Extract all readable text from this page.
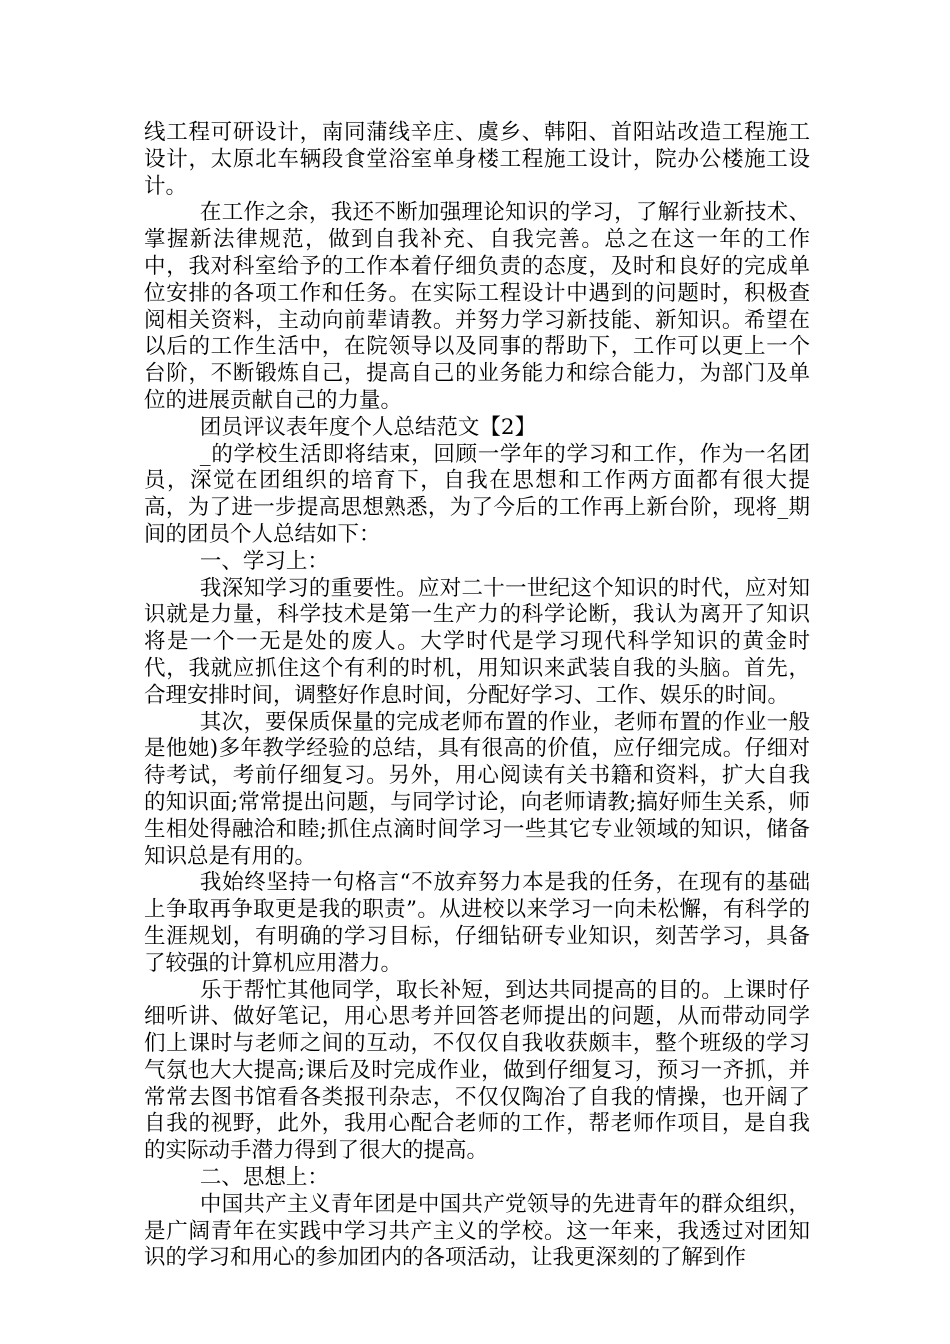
线工程可研设计，南同蒲线辛庄、虞乡、韩阳、首阳站改造工程施工设计，太原北车辆段食堂浴室单身楼工程施工设计，院办公楼施工设计。

在工作之余，我还不断加强理论知识的学习，了解行业新技术、掌握新法律规范，做到自我补充、自我完善。总之在这一年的工作中，我对科室给予的工作本着仔细负责的态度，及时和良好的完成单位安排的各项工作和任务。在实际工程设计中遇到的问题时，积极查阅相关资料，主动向前辈请教。并努力学习新技能、新知识。希望在以后的工作生活中，在院领导以及同事的帮助下，工作可以更上一个台阶，不断锻炼自己，提高自己的业务能力和综合能力，为部门及单位的进展贡献自己的力量。

团员评议表年度个人总结范文【2】

_的学校生活即将结束，回顾一学年的学习和工作，作为一名团员，深觉在团组织的培育下，自我在思想和工作两方面都有很大提高，为了进一步提高思想熟悉，为了今后的工作再上新台阶，现将_期间的团员个人总结如下：

一、学习上：

我深知学习的重要性。应对二十一世纪这个知识的时代，应对知识就是力量，科学技术是第一生产力的科学论断，我认为离开了知识将是一个一无是处的废人。大学时代是学习现代科学知识的黄金时代，我就应抓住这个有利的时机，用知识来武装自我的头脑。首先，合理安排时间，调整好作息时间，分配好学习、工作、娱乐的时间。

其次，要保质保量的完成老师布置的作业，老师布置的作业一般是他她)多年教学经验的总结，具有很高的价值，应仔细完成。仔细对待考试，考前仔细复习。另外，用心阅读有关书籍和资料，扩大自我的知识面;常常提出问题，与同学讨论，向老师请教;搞好师生关系，师生相处得融洽和睦;抓住点滴时间学习一些其它专业领域的知识，储备知识总是有用的。

我始终坚持一句格言“不放弃努力本是我的任务，在现有的基础上争取再争取更是我的职责”。从进校以来学习一向未松懈，有科学的生涯规划，有明确的学习目标，仔细钻研专业知识，刻苦学习，具备了较强的计算机应用潜力。

乐于帮忙其他同学，取长补短，到达共同提高的目的。上课时仔细听讲、做好笔记，用心思考并回答老师提出的问题，从而带动同学们上课时与老师之间的互动，不仅仅自我收获颇丰，整个班级的学习气氛也大大提高;课后及时完成作业，做到仔细复习，预习一齐抓，并常常去图书馆看各类报刊杂志，不仅仅陶冶了自我的情操，也开阔了自我的视野，此外，我用心配合老师的工作，帮老师作项目，是自我的实际动手潜力得到了很大的提高。

二、思想上：

中国共产主义青年团是中国共产党领导的先进青年的群众组织，是广阔青年在实践中学习共产主义的学校。这一年来，我透过对团知识的学习和用心的参加团内的各项活动，让我更深刻的了解到作
